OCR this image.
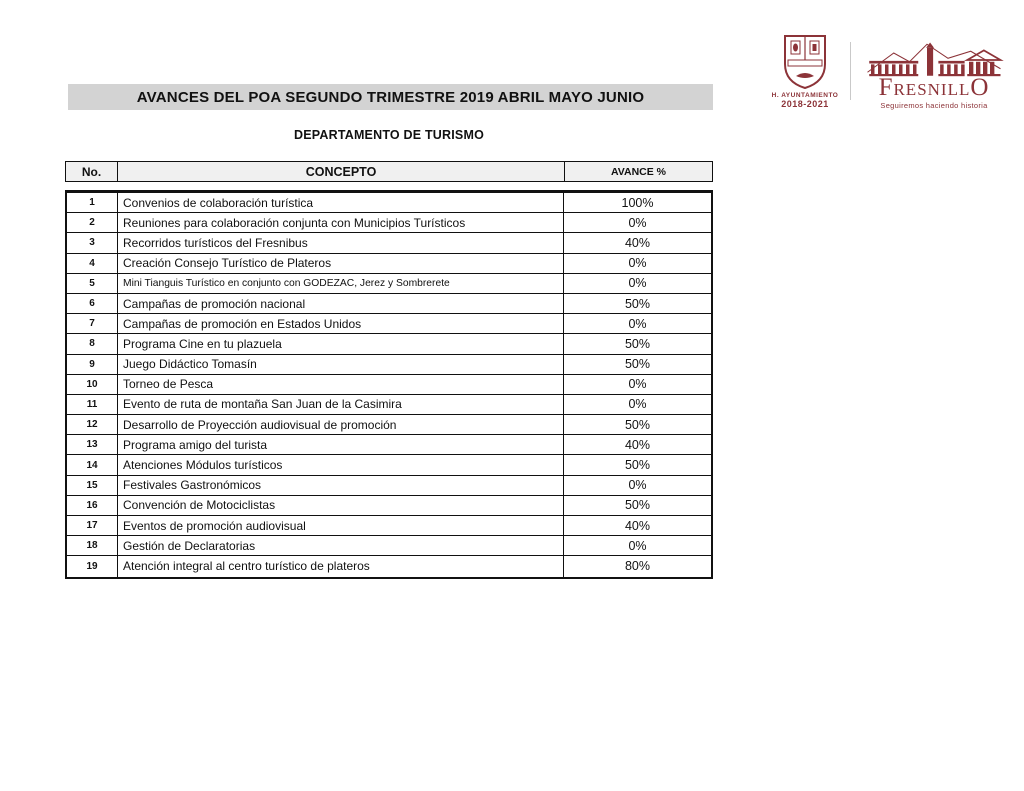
H. AYUNTAMIENTO
2018-2021
FRESNILLO
Seguiremos haciendo historia
AVANCES DEL POA SEGUNDO TRIMESTRE 2019 ABRIL MAYO JUNIO
DEPARTAMENTO DE TURISMO
No.	CONCEPTO	AVANCE %
1	Convenios de colaboración turística	100%
2	Reuniones para colaboración conjunta con Municipios Turísticos	0%
3	Recorridos turísticos del Fresnibus	40%
4	Creación Consejo Turístico de Plateros	0%
5	Mini Tianguis Turístico en conjunto con GODEZAC, Jerez y Sombrerete	0%
6	Campañas de promoción nacional	50%
7	Campañas de promoción en Estados Unidos	0%
8	Programa Cine en tu plazuela	50%
9	Juego Didáctico Tomasín	50%
10	Torneo de Pesca	0%
11	Evento de ruta de montaña San Juan de la Casimira	0%
12	Desarrollo de Proyección audiovisual de promoción	50%
13	Programa amigo del turista	40%
14	Atenciones Módulos turísticos	50%
15	Festivales Gastronómicos	0%
16	Convención de Motociclistas	50%
17	Eventos de promoción audiovisual	40%
18	Gestión de Declaratorias	0%
19	Atención integral al centro turístico de plateros	80%
